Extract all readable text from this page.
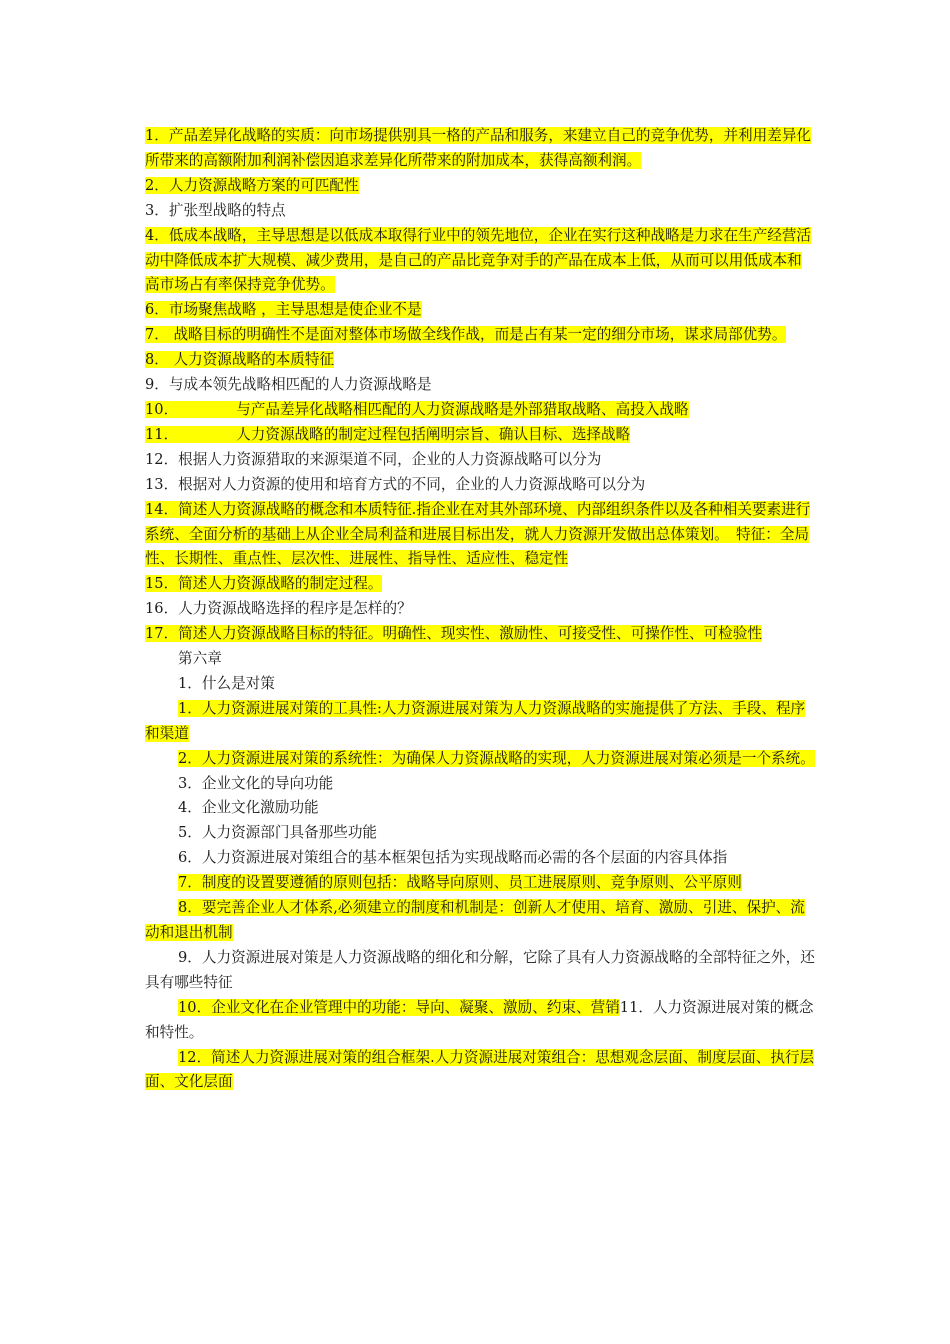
1．产品差异化战略的实质：向市场提供别具一格的产品和服务，来建立自己的竞争优势，并利用差异化所带来的高额附加利润补偿因追求差异化所带来的附加成本，获得高额利润。

2．人力资源战略方案的可匹配性

3．扩张型战略的特点

4．低成本战略，主导思想是以低成本取得行业中的领先地位，企业在实行这种战略是力求在生产经营活动中降低成本扩大规模、减少费用，是自己的产品比竞争对手的产品在成本上低，从而可以用低成本和高市场占有率保持竞争优势。

6．市场聚焦战略 ，主导思想是使企业不是

7． 战略目标的明确性不是面对整体市场做全线作战，而是占有某一定的细分市场，谋求局部优势。

8． 人力资源战略的本质特征

9．与成本领先战略相匹配的人力资源战略是

10．	与产品差异化战略相匹配的人力资源战略是外部猎取战略、高投入战略

11．	人力资源战略的制定过程包括阐明宗旨、确认目标、选择战略

12．根据人力资源猎取的来源渠道不同，企业的人力资源战略可以分为

13．根据对人力资源的使用和培育方式的不同，企业的人力资源战略可以分为

14．简述人力资源战略的概念和本质特征.指企业在对其外部环境、内部组织条件以及各种相关要素进行系统、全面分析的基础上从企业全局利益和进展目标出发，就人力资源开发做出总体策划。　特征：全局性、长期性、重点性、层次性、进展性、指导性、适应性、稳定性

15．简述人力资源战略的制定过程。

16．人力资源战略选择的程序是怎样的？

17．简述人力资源战略目标的特征。明确性、现实性、激励性、可接受性、可操作性、可检验性

第六章

1．什么是对策

1．人力资源进展对策的工具性:人力资源进展对策为人力资源战略的实施提供了方法、手段、程序和渠道

2．人力资源进展对策的系统性：为确保人力资源战略的实现，人力资源进展对策必须是一个系统。

3．企业文化的导向功能

4．企业文化激励功能

5．人力资源部门具备那些功能

6．人力资源进展对策组合的基本框架包括为实现战略而必需的各个层面的内容具体指

7．制度的设置要遵循的原则包括：战略导向原则、员工进展原则、竞争原则、公平原则

8．要完善企业人才体系,必须建立的制度和机制是：创新人才使用、培育、激励、引进、保护、流动和退出机制

9．人力资源进展对策是人力资源战略的细化和分解，它除了具有人力资源战略的全部特征之外，还具有哪些特征

10．企业文化在企业管理中的功能：导向、凝聚、激励、约束、营销11．人力资源进展对策的概念和特性。

12．简述人力资源进展对策的组合框架.人力资源进展对策组合：思想观念层面、制度层面、执行层面、文化层面
